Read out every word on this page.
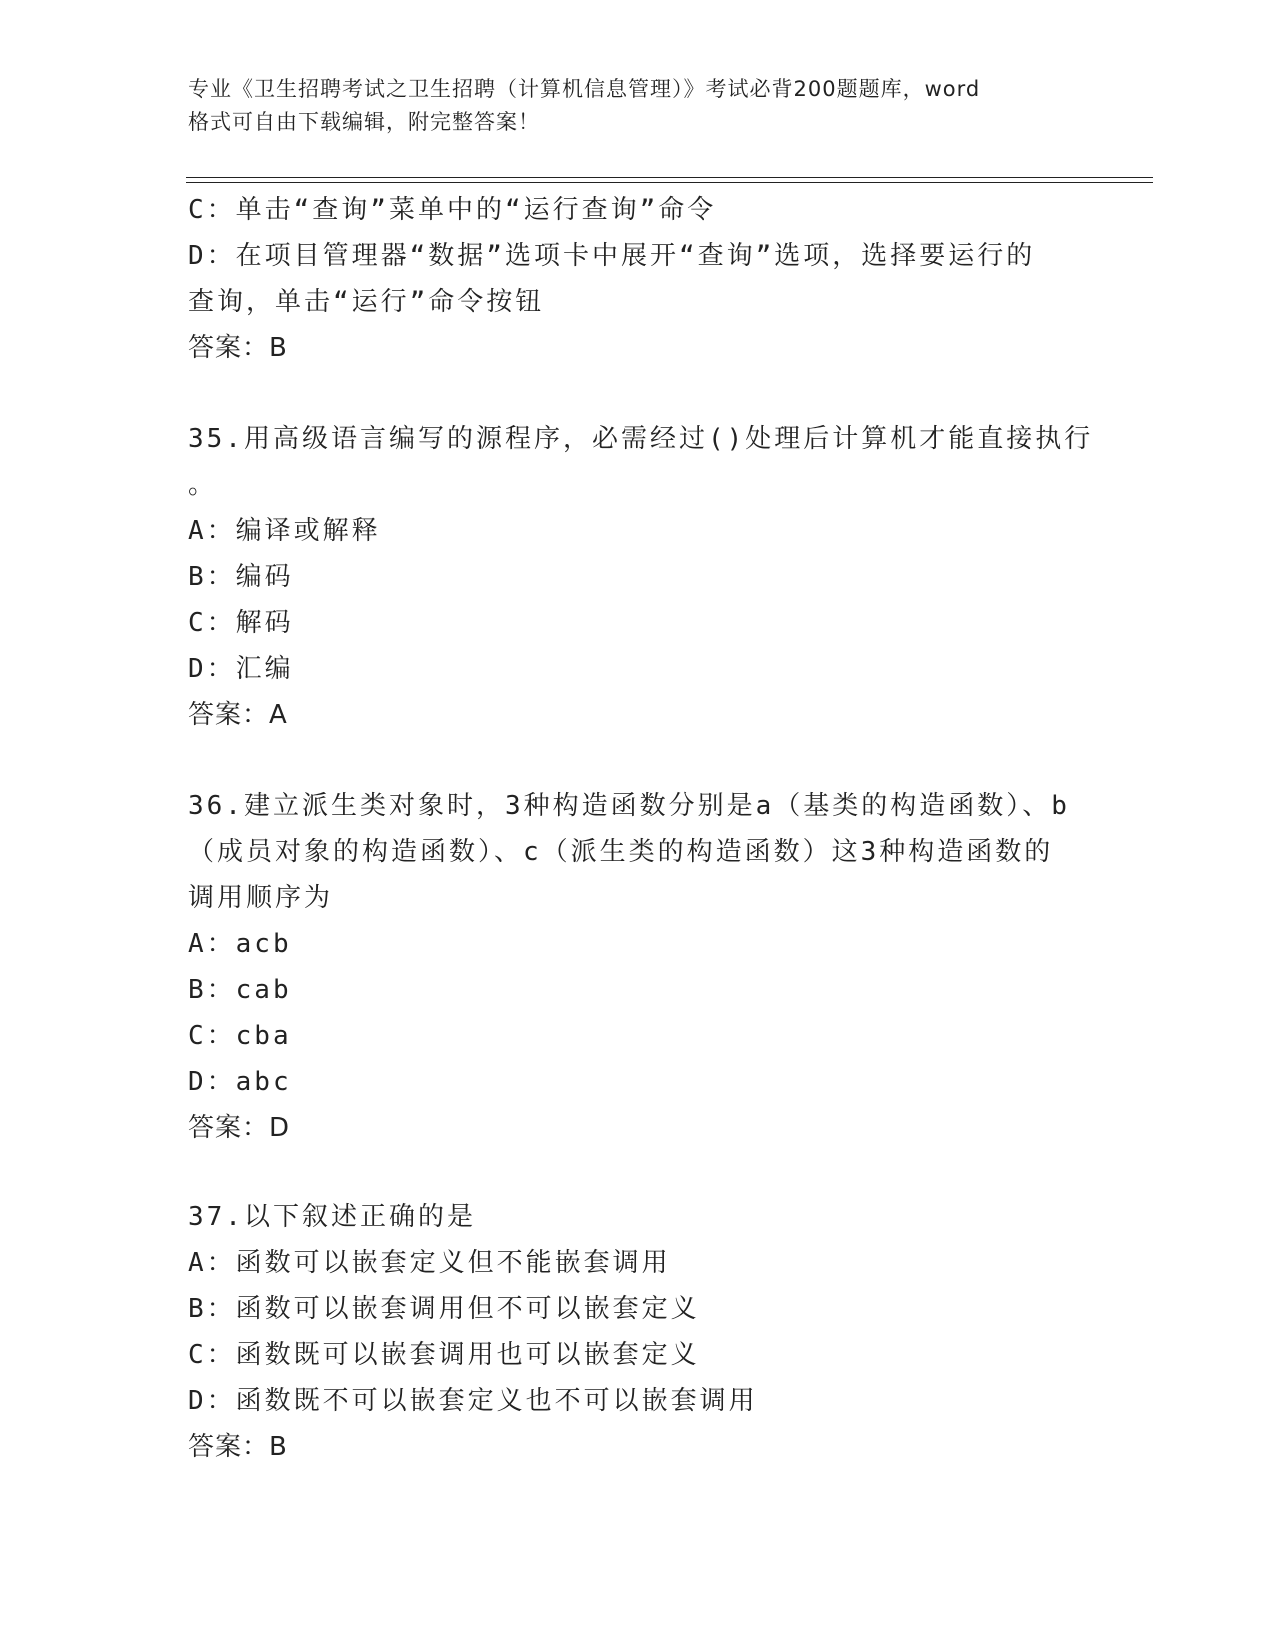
专业《卫生招聘考试之卫生招聘（计算机信息管理）》考试必背200题题库，word
格式可自由下载编辑，附完整答案！
C：单击“查询”菜单中的“运行查询”命令
D：在项目管理器“数据”选项卡中展开“查询”选项，选择要运行的
查询，单击“运行”命令按钮
答案：B
35.用高级语言编写的源程序，必需经过()处理后计算机才能直接执行
。
A：编译或解释
B：编码
C：解码
D：汇编
答案：A
36.建立派生类对象时，3种构造函数分别是a（基类的构造函数）、b
（成员对象的构造函数）、c（派生类的构造函数）这3种构造函数的
调用顺序为
A：acb
B：cab
C：cba
D：abc
答案：D
37.以下叙述正确的是
A：函数可以嵌套定义但不能嵌套调用
B：函数可以嵌套调用但不可以嵌套定义
C：函数既可以嵌套调用也可以嵌套定义
D：函数既不可以嵌套定义也不可以嵌套调用
答案：B
